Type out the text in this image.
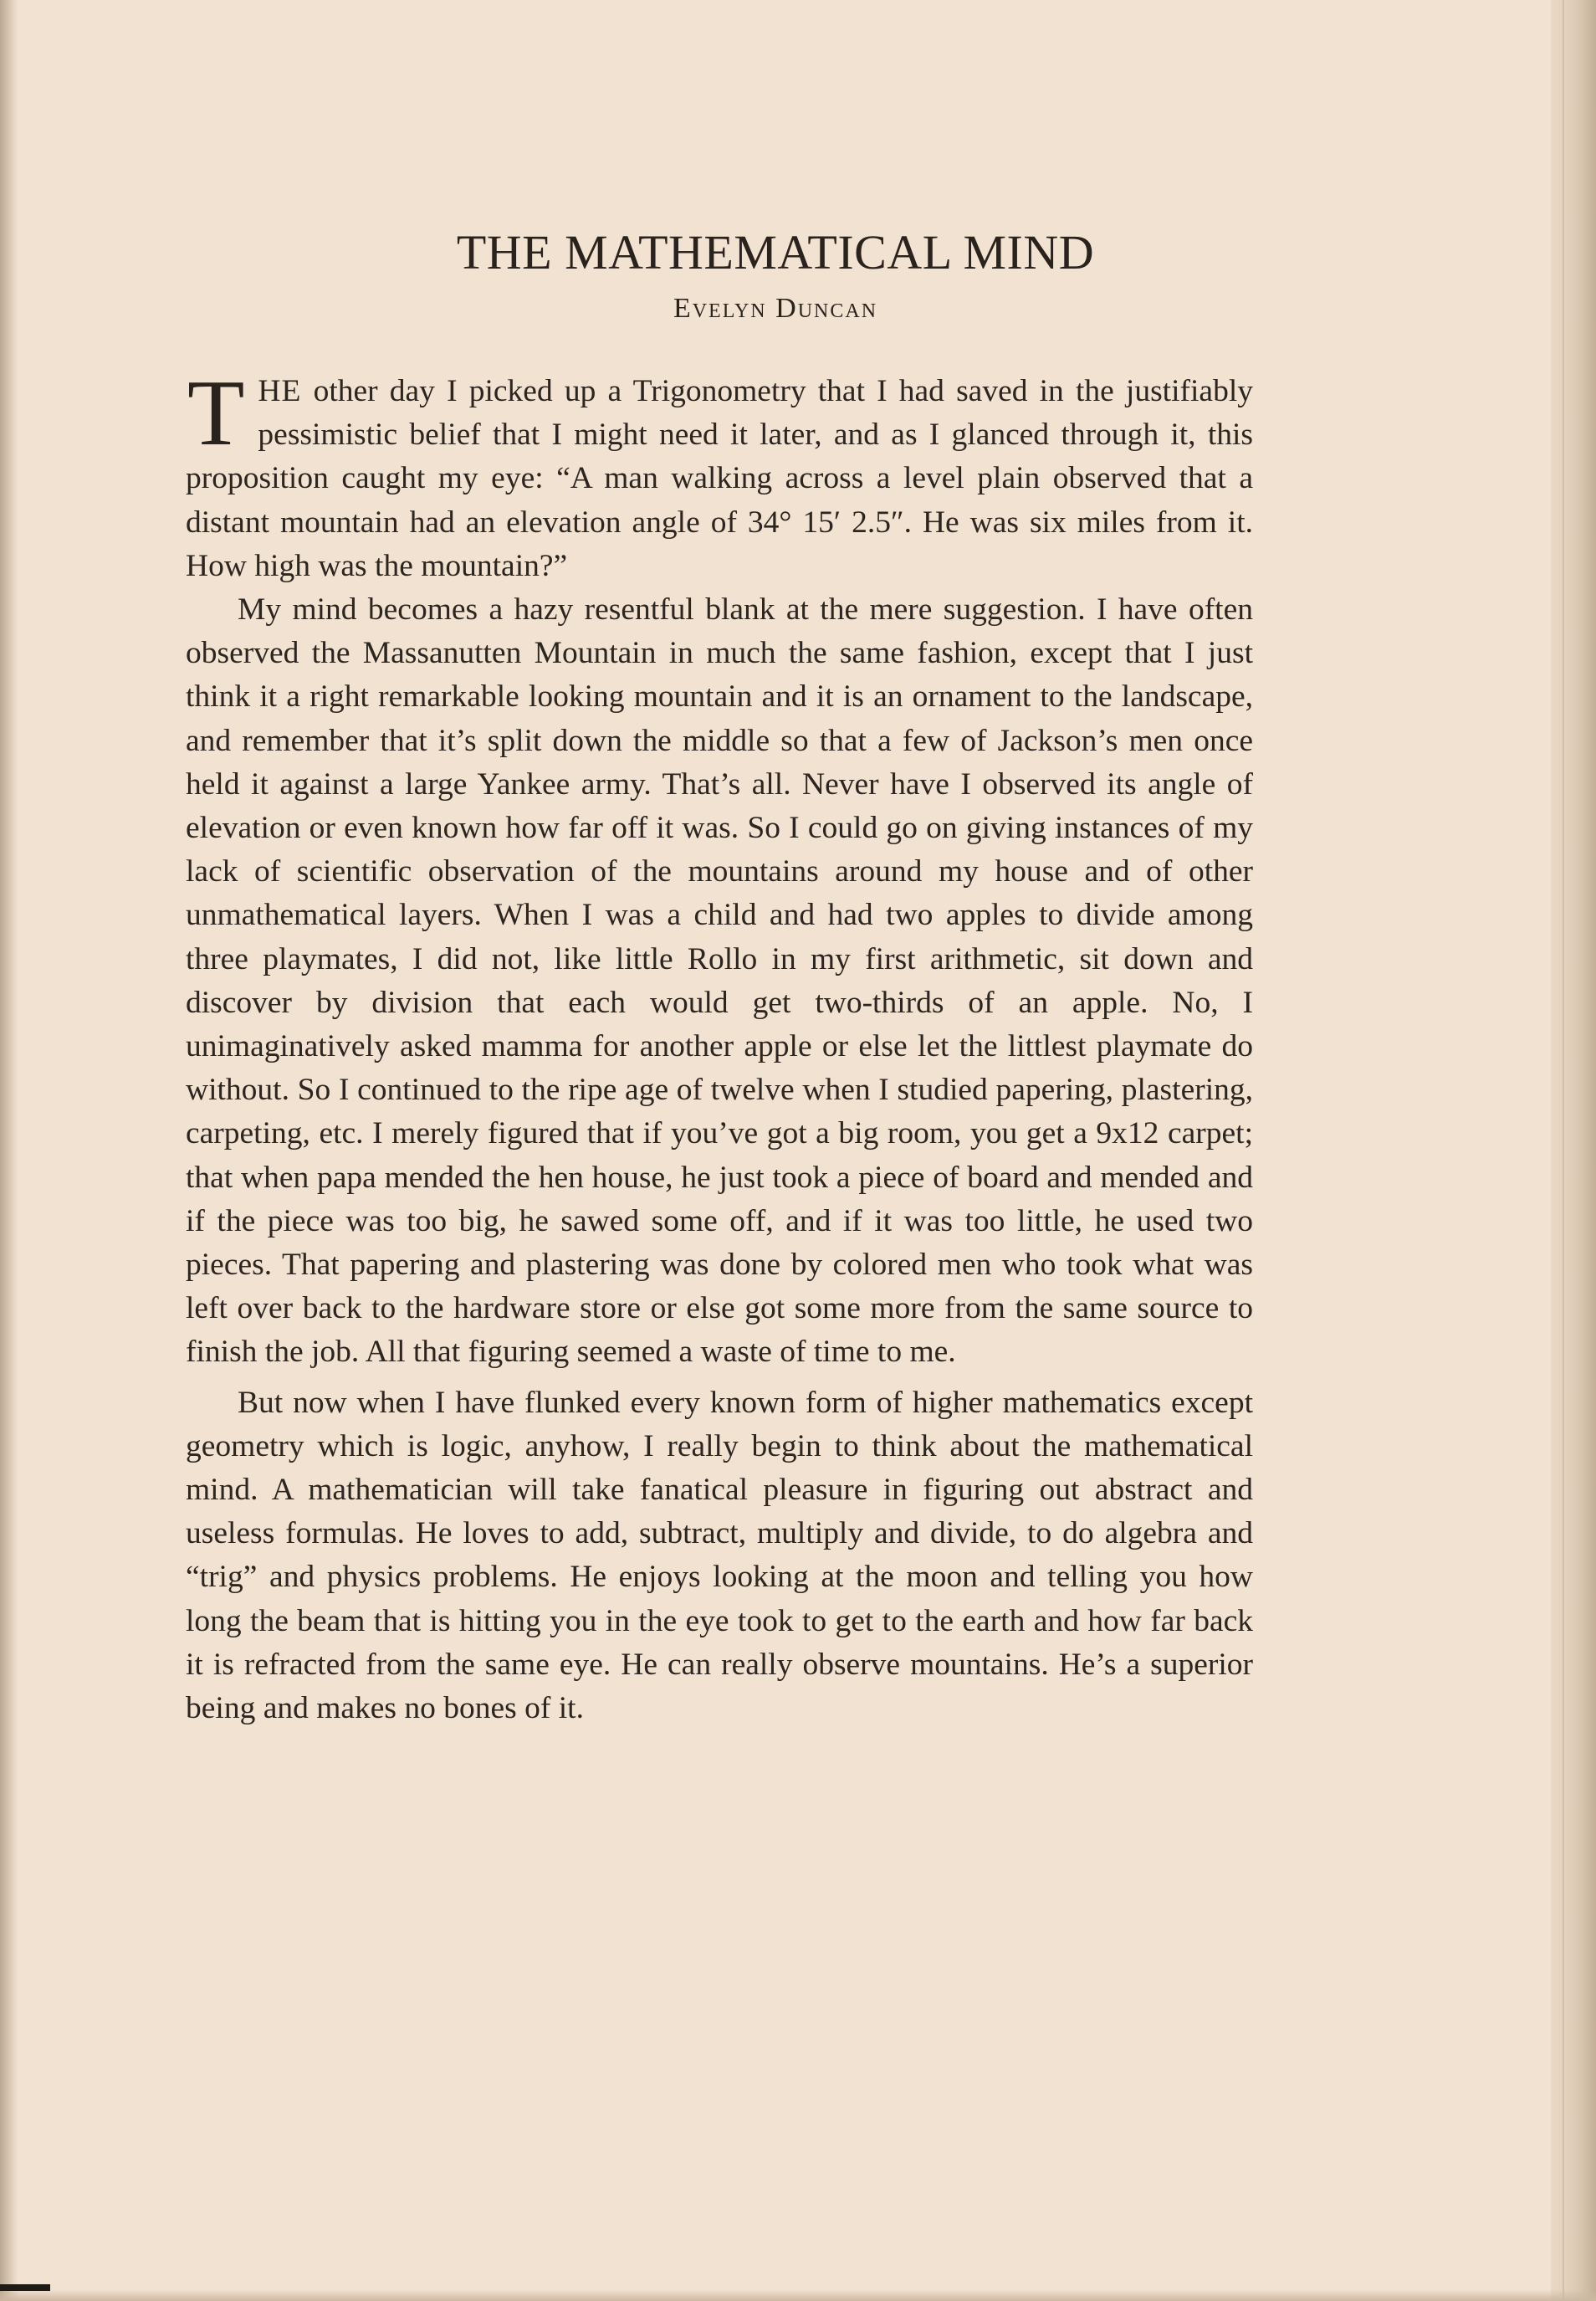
THE MATHEMATICAL MIND
Evelyn Duncan

THE other day I picked up a Trigonometry that I had saved in the justifiably pessimistic belief that I might need it later, and as I glanced through it, this proposition caught my eye: “A man walking across a level plain observed that a distant mountain had an elevation angle of 34° 15′ 2.5″. He was six miles from it. How high was the mountain?”

My mind becomes a hazy resentful blank at the mere suggestion. I have often observed the Massanutten Mountain in much the same fashion, except that I just think it a right remarkable looking mountain and it is an ornament to the landscape, and remember that it’s split down the middle so that a few of Jackson’s men once held it against a large Yankee army. That’s all. Never have I observed its angle of elevation or even known how far off it was. So I could go on giving instances of my lack of scientific observation of the mountains around my house and of other unmathematical layers. When I was a child and had two apples to divide among three playmates, I did not, like little Rollo in my first arithmetic, sit down and discover by division that each would get two-thirds of an apple. No, I unimaginatively asked mamma for another apple or else let the littlest playmate do without. So I continued to the ripe age of twelve when I studied papering, plastering, carpeting, etc. I merely figured that if you’ve got a big room, you get a 9x12 carpet; that when papa mended the hen house, he just took a piece of board and mended and if the piece was too big, he sawed some off, and if it was too little, he used two pieces. That papering and plastering was done by colored men who took what was left over back to the hardware store or else got some more from the same source to finish the job. All that figuring seemed a waste of time to me.

But now when I have flunked every known form of higher mathematics except geometry which is logic, anyhow, I really begin to think about the mathematical mind. A mathematician will take fanatical pleasure in figuring out abstract and useless formulas. He loves to add, subtract, multiply and divide, to do algebra and “trig” and physics problems. He enjoys looking at the moon and telling you how long the beam that is hitting you in the eye took to get to the earth and how far back it is refracted from the same eye. He can really observe mountains. He’s a superior being and makes no bones of it.
